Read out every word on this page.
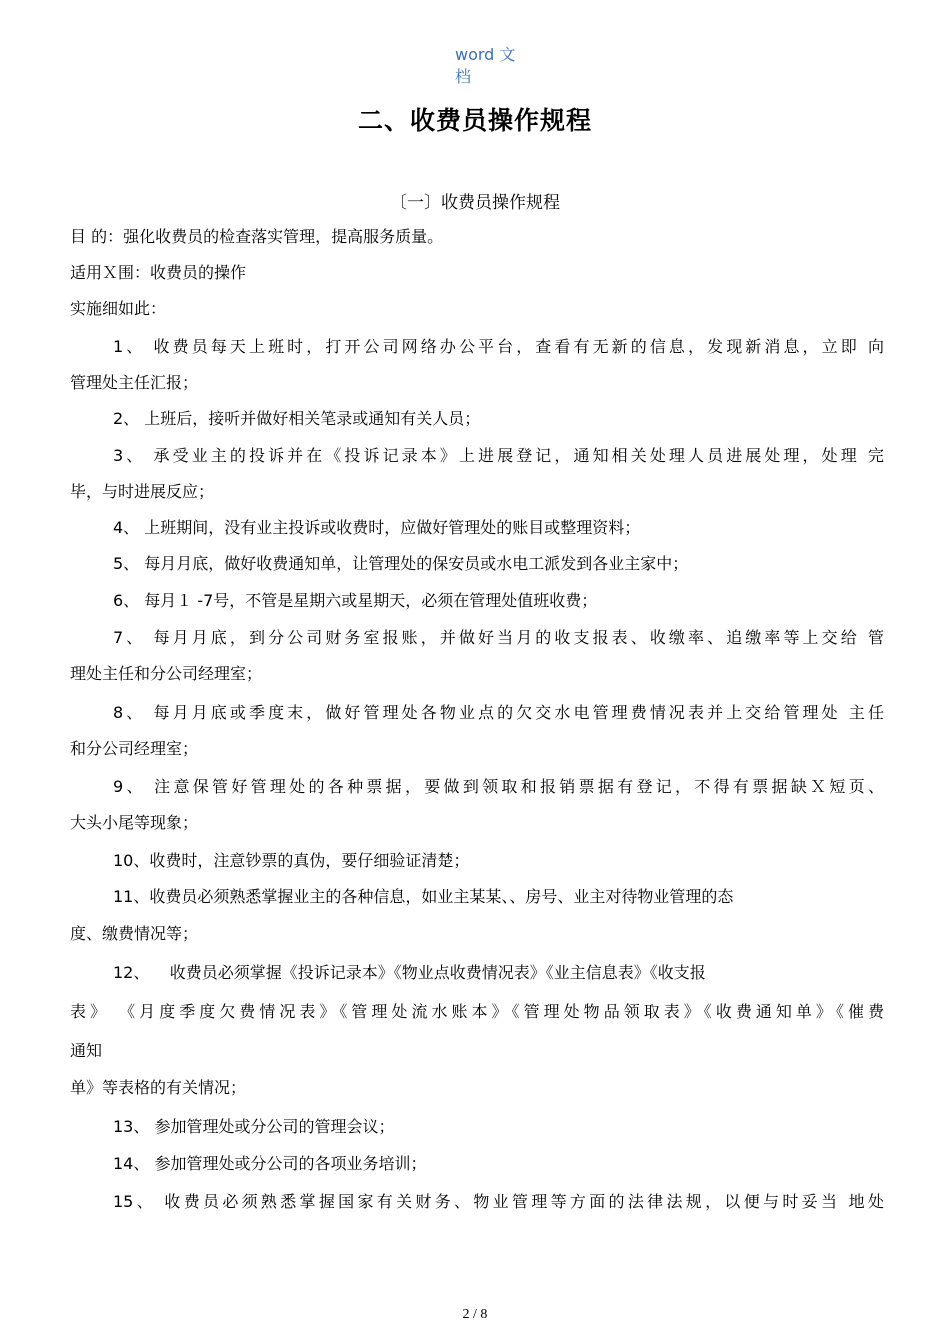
word 文
档
二、收费员操作规程
〔一〕收费员操作规程
目 的：强化收费员的检查落实管理，提高服务质量。
适用Ｘ围：收费员的操作
实施细如此：
1、 收费员每天上班时，打开公司网络办公平台，查看有无新的信息，发现新消息，立即 向
管理处主任汇报；
2、 上班后，接听并做好相关笔录或通知有关人员；
3、 承受业主的投诉并在《投诉记录本》上进展登记，通知相关处理人员进展处理，处理 完
毕，与时进展反应；
4、 上班期间，没有业主投诉或收费时，应做好管理处的账目或整理资料；
5、 每月月底，做好收费通知单，让管理处的保安员或水电工派发到各业主家中；
6、 每月１ -7号，不管是星期六或星期天，必须在管理处值班收费；
7、 每月月底，到分公司财务室报账，并做好当月的收支报表、收缴率、追缴率等上交给 管
理处主任和分公司经理室；
8、 每月月底或季度末，做好管理处各物业点的欠交水电管理费情况表并上交给管理处 主任
和分公司经理室；
9、 注意保管好管理处的各种票据，要做到领取和报销票据有登记，不得有票据缺Ｘ短页、
大头小尾等现象；
10、收费时，注意钞票的真伪，要仔细验证清楚；
11、收费员必须熟悉掌握业主的各种信息，如业主某某、、房号、业主对待物业管理的态
度、缴费情况等；
12、    收费员必须掌握《投诉记录本》《物业点收费情况表》《业主信息表》《收支报
表》 《月度季度欠费情况表》《管理处流水账本》《管理处物品领取表》《收费通知单》《催费
通知
单》等表格的有关情况；
13、 参加管理处或分公司的管理会议；
14、 参加管理处或分公司的各项业务培训；
15、 收费员必须熟悉掌握国家有关财务、物业管理等方面的法律法规，以便与时妥当 地处
2 / 8
